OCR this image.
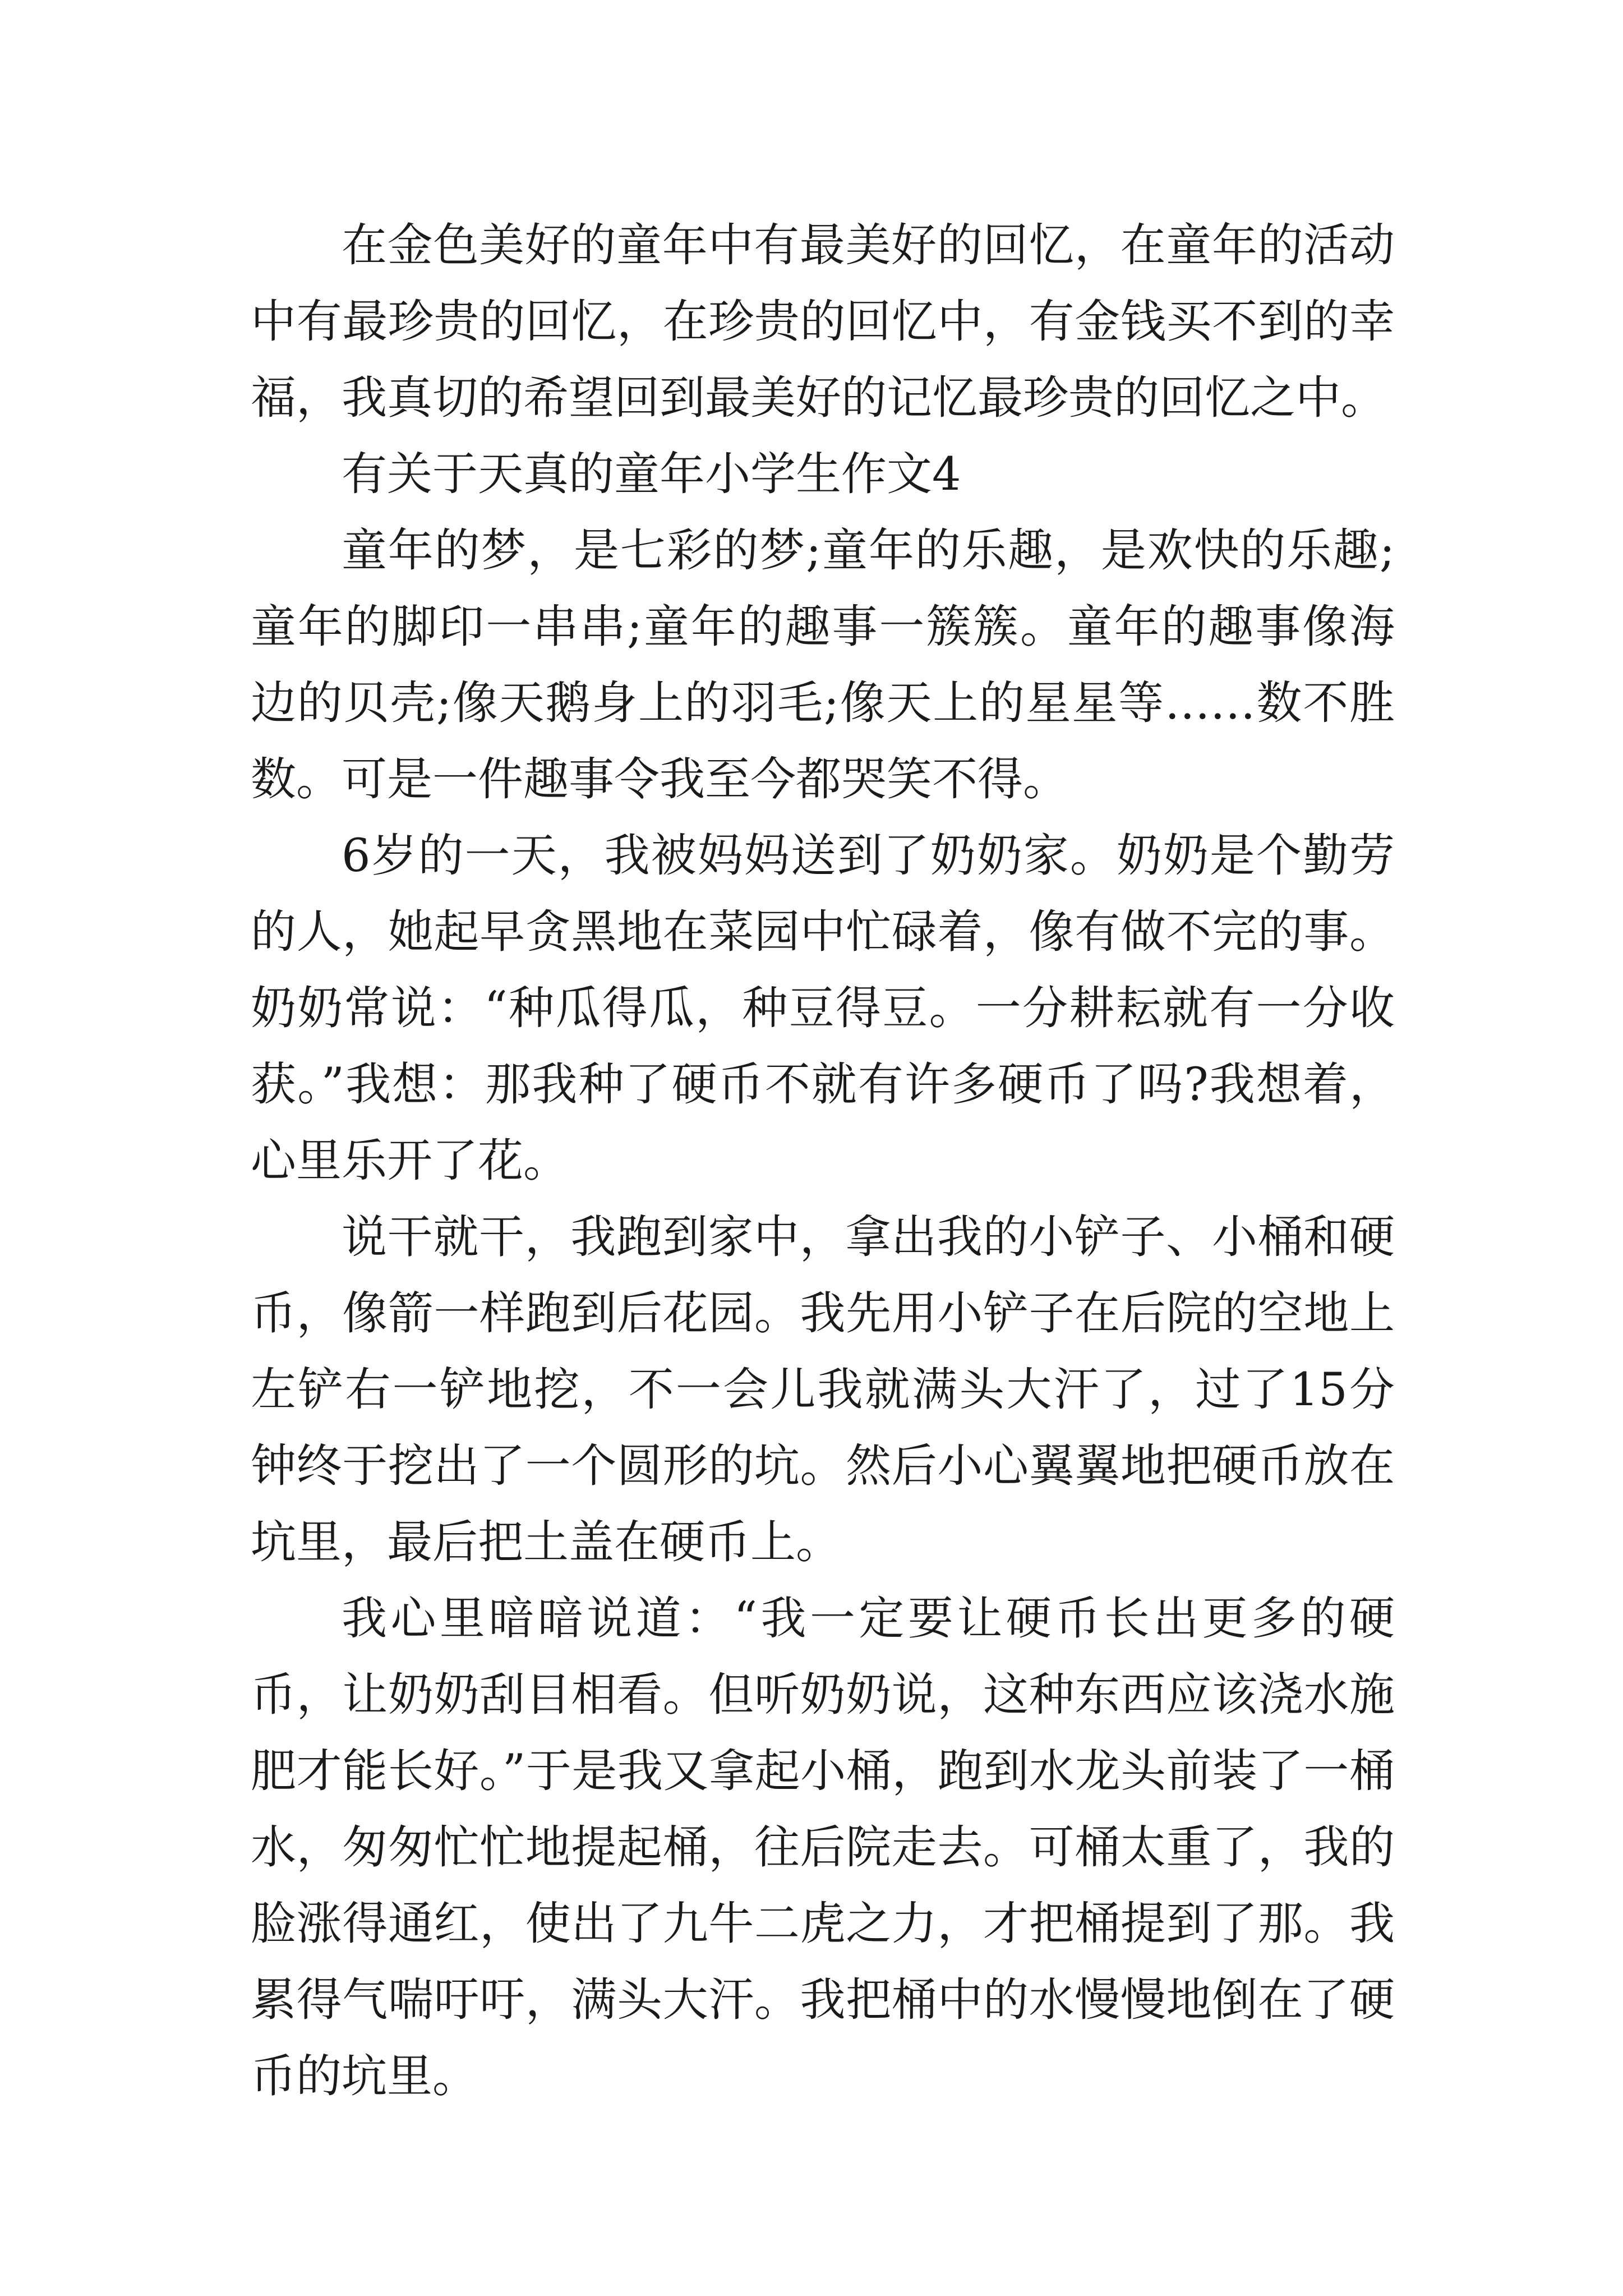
在金色美好的童年中有最美好的回忆，在童年的活动中有最珍贵的回忆，在珍贵的回忆中，有金钱买不到的幸福，我真切的希望回到最美好的记忆最珍贵的回忆之中。

有关于天真的童年小学生作文4

童年的梦，是七彩的梦;童年的乐趣，是欢快的乐趣;童年的脚印一串串;童年的趣事一簇簇。童年的趣事像海边的贝壳;像天鹅身上的羽毛;像天上的星星等……数不胜数。可是一件趣事令我至今都哭笑不得。

6岁的一天，我被妈妈送到了奶奶家。奶奶是个勤劳的人，她起早贪黑地在菜园中忙碌着，像有做不完的事。奶奶常说：“种瓜得瓜，种豆得豆。一分耕耘就有一分收获。”我想：那我种了硬币不就有许多硬币了吗?我想着，心里乐开了花。

说干就干，我跑到家中，拿出我的小铲子、小桶和硬币，像箭一样跑到后花园。我先用小铲子在后院的空地上左铲右一铲地挖，不一会儿我就满头大汗了，过了15分钟终于挖出了一个圆形的坑。然后小心翼翼地把硬币放在坑里，最后把土盖在硬币上。

我心里暗暗说道：“我一定要让硬币长出更多的硬币，让奶奶刮目相看。但听奶奶说，这种东西应该浇水施肥才能长好。”于是我又拿起小桶，跑到水龙头前装了一桶水，匆匆忙忙地提起桶，往后院走去。可桶太重了，我的脸涨得通红，使出了九牛二虎之力，才把桶提到了那。我累得气喘吁吁，满头大汗。我把桶中的水慢慢地倒在了硬币的坑里。
